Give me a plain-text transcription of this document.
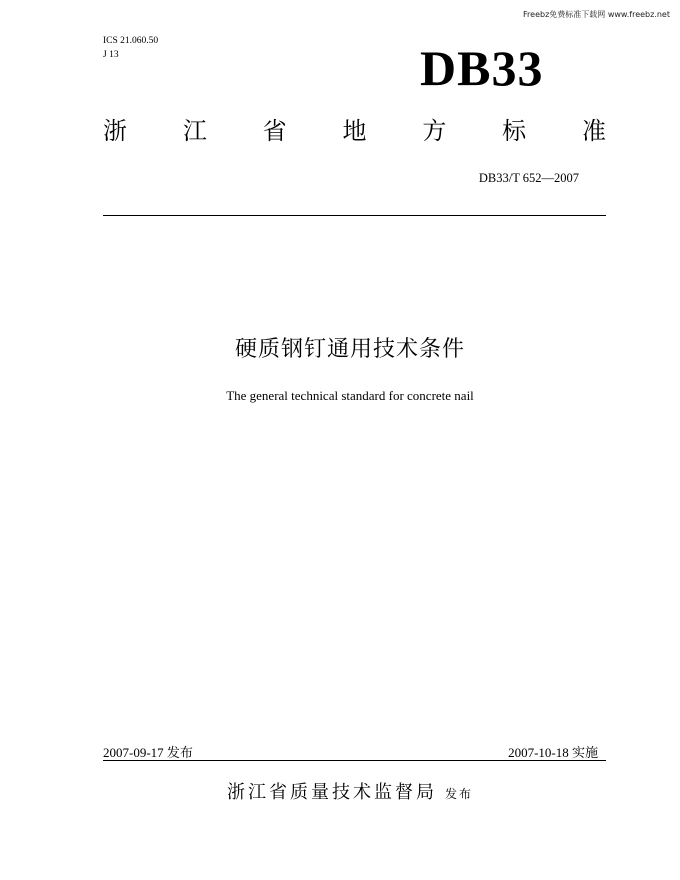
Freebz免费标准下载网 www.freebz.net
ICS 21.060.50
J 13	DB33
浙 江 省 地 方 标 准
DB33/T 652—2007
硬质钢钉通用技术条件
The general technical standard for concrete nail
2007-09-17 发布	2007-10-18 实施
浙江省质量技术监督局 发布
